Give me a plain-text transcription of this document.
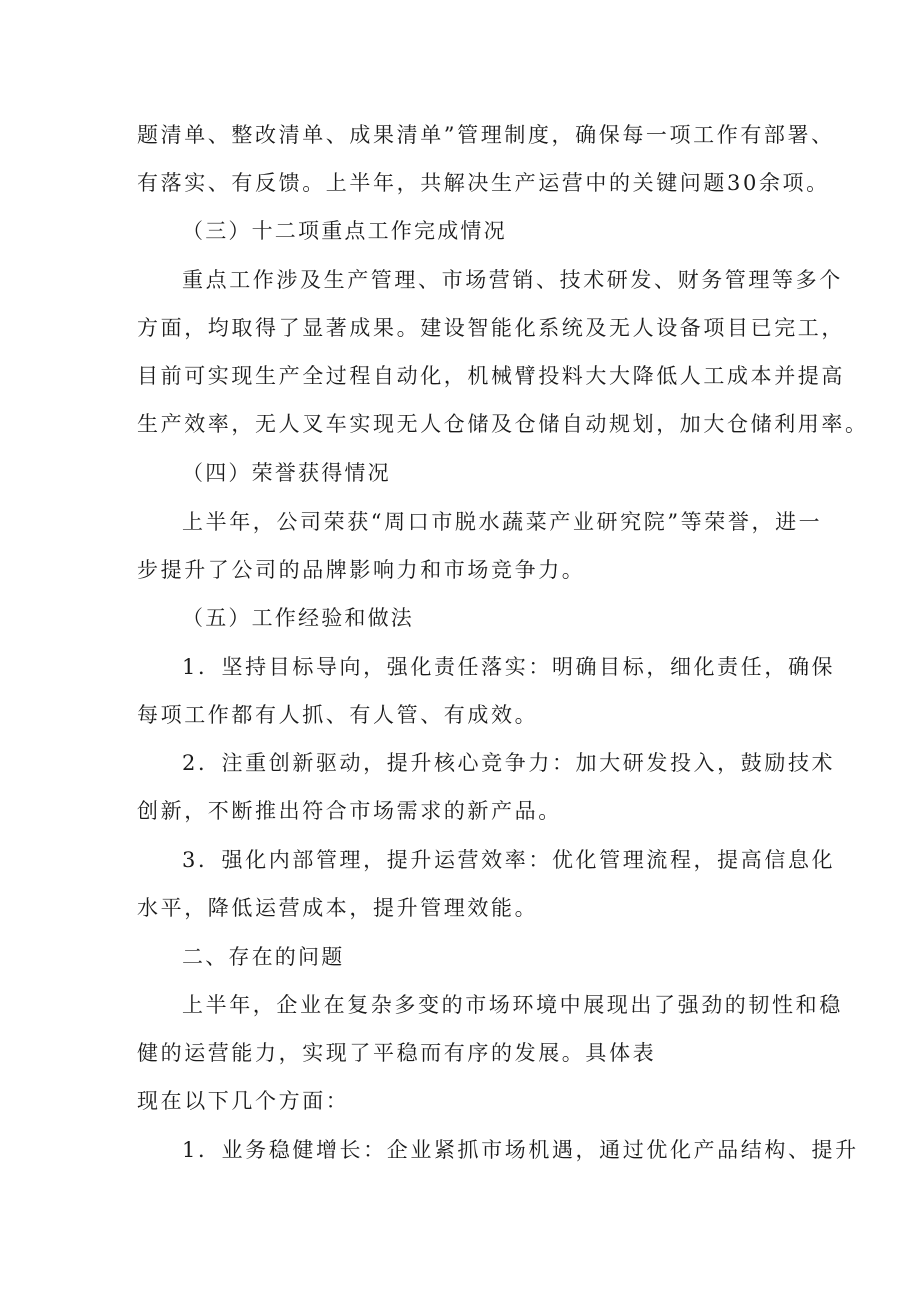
题清单、整改清单、成果清单”管理制度，确保每一项工作有部署、
有落实、有反馈。上半年，共解决生产运营中的关键问题30余项。
（三）十二项重点工作完成情况
重点工作涉及生产管理、市场营销、技术研发、财务管理等多个
方面，均取得了显著成果。建设智能化系统及无人设备项目已完工，
目前可实现生产全过程自动化，机械臂投料大大降低人工成本并提高
生产效率，无人叉车实现无人仓储及仓储自动规划，加大仓储利用率。
（四）荣誉获得情况
上半年，公司荣获“周口市脱水蔬菜产业研究院”等荣誉，进一
步提升了公司的品牌影响力和市场竞争力。
（五）工作经验和做法
1．坚持目标导向，强化责任落实：明确目标，细化责任，确保
每项工作都有人抓、有人管、有成效。
2．注重创新驱动，提升核心竞争力：加大研发投入，鼓励技术
创新，不断推出符合市场需求的新产品。
3．强化内部管理，提升运营效率：优化管理流程，提高信息化
水平，降低运营成本，提升管理效能。
二、存在的问题
上半年，企业在复杂多变的市场环境中展现出了强劲的韧性和稳
健的运营能力，实现了平稳而有序的发展。具体表
现在以下几个方面：
1．业务稳健增长：企业紧抓市场机遇，通过优化产品结构、提升
